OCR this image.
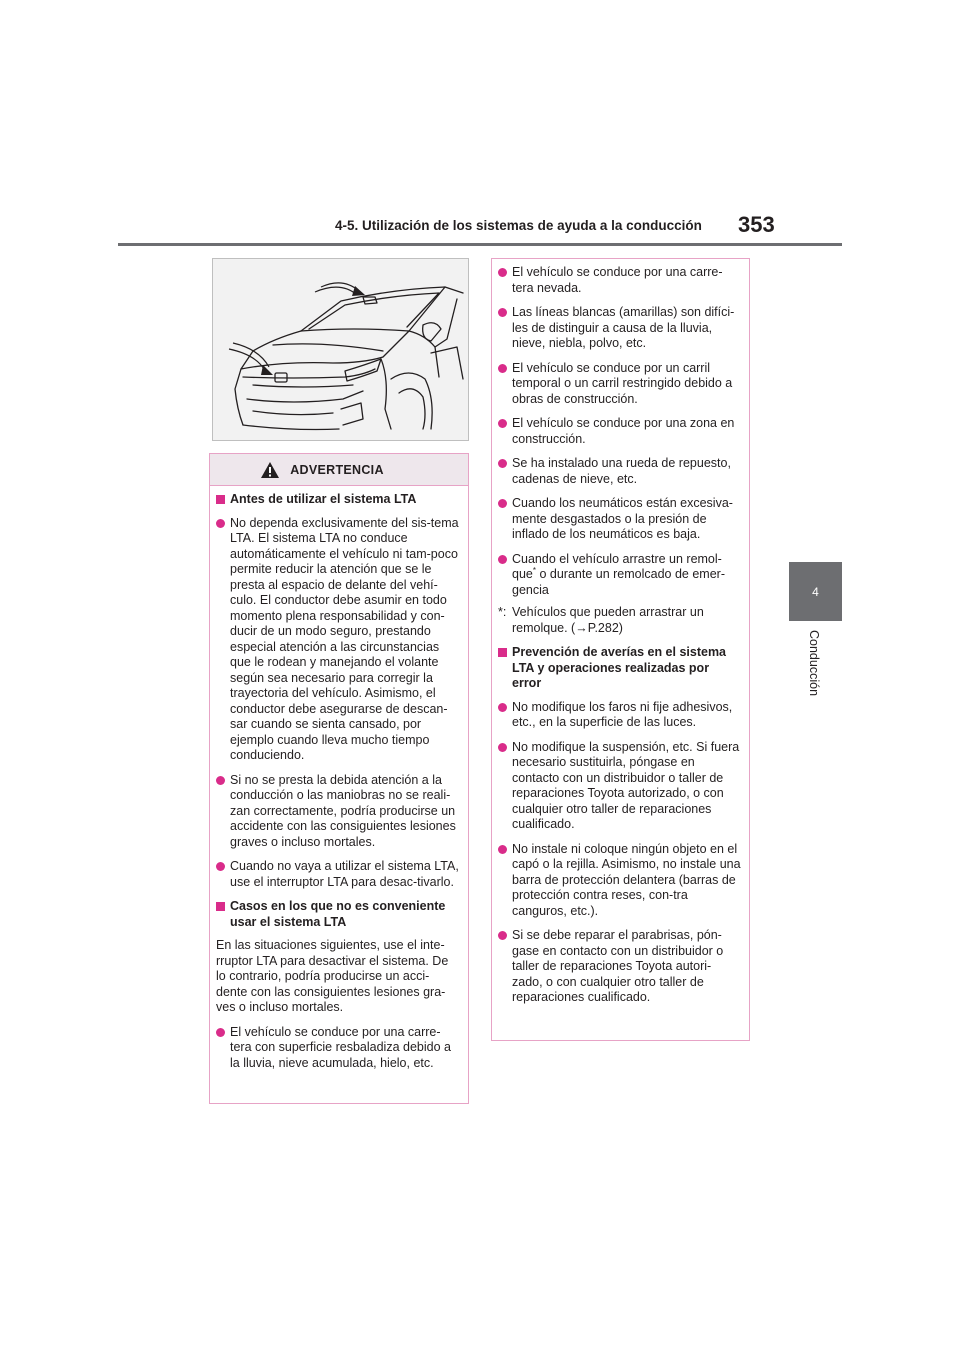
4-5. Utilización de los sistemas de ayuda a la conducción 353
4
Conducción
ADVERTENCIA
Antes de utilizar el sistema LTA
No dependa exclusivamente del sis-tema LTA. El sistema LTA no conduce automáticamente el vehículo ni tam-poco permite reducir la atención que se le presta al espacio de delante del vehí-culo. El conductor debe asumir en todo momento plena responsabilidad y con-ducir de un modo seguro, prestando especial atención a las circunstancias que le rodean y manejando el volante según sea necesario para corregir la trayectoria del vehículo. Asimismo, el conductor debe asegurarse de descan-sar cuando se sienta cansado, por ejemplo cuando lleva mucho tiempo conduciendo.
Si no se presta la debida atención a la conducción o las maniobras no se reali-zan correctamente, podría producirse un accidente con las consiguientes lesiones graves o incluso mortales.
Cuando no vaya a utilizar el sistema LTA, use el interruptor LTA para desac-tivarlo.
Casos en los que no es conveniente usar el sistema LTA
En las situaciones siguientes, use el inte-rruptor LTA para desactivar el sistema. De lo contrario, podría producirse un acci-dente con las consiguientes lesiones gra-ves o incluso mortales.
El vehículo se conduce por una carre-tera con superficie resbaladiza debido a la lluvia, nieve acumulada, hielo, etc.
El vehículo se conduce por una carre-tera nevada.
Las líneas blancas (amarillas) son difíci-les de distinguir a causa de la lluvia, nieve, niebla, polvo, etc.
El vehículo se conduce por un carril temporal o un carril restringido debido a obras de construcción.
El vehículo se conduce por una zona en construcción.
Se ha instalado una rueda de repuesto, cadenas de nieve, etc.
Cuando los neumáticos están excesiva-mente desgastados o la presión de inflado de los neumáticos es baja.
Cuando el vehículo arrastre un remol-que* o durante un remolcado de emer-gencia
*: Vehículos que pueden arrastrar un remolque. (→P.282)
Prevención de averías en el sistema LTA y operaciones realizadas por error
No modifique los faros ni fije adhesivos, etc., en la superficie de las luces.
No modifique la suspensión, etc. Si fuera necesario sustituirla, póngase en contacto con un distribuidor o taller de reparaciones Toyota autorizado, o con cualquier otro taller de reparaciones cualificado.
No instale ni coloque ningún objeto en el capó o la rejilla. Asimismo, no instale una barra de protección delantera (barras de protección contra reses, con-tra canguros, etc.).
Si se debe reparar el parabrisas, pón-gase en contacto con un distribuidor o taller de reparaciones Toyota autori-zado, o con cualquier otro taller de reparaciones cualificado.
